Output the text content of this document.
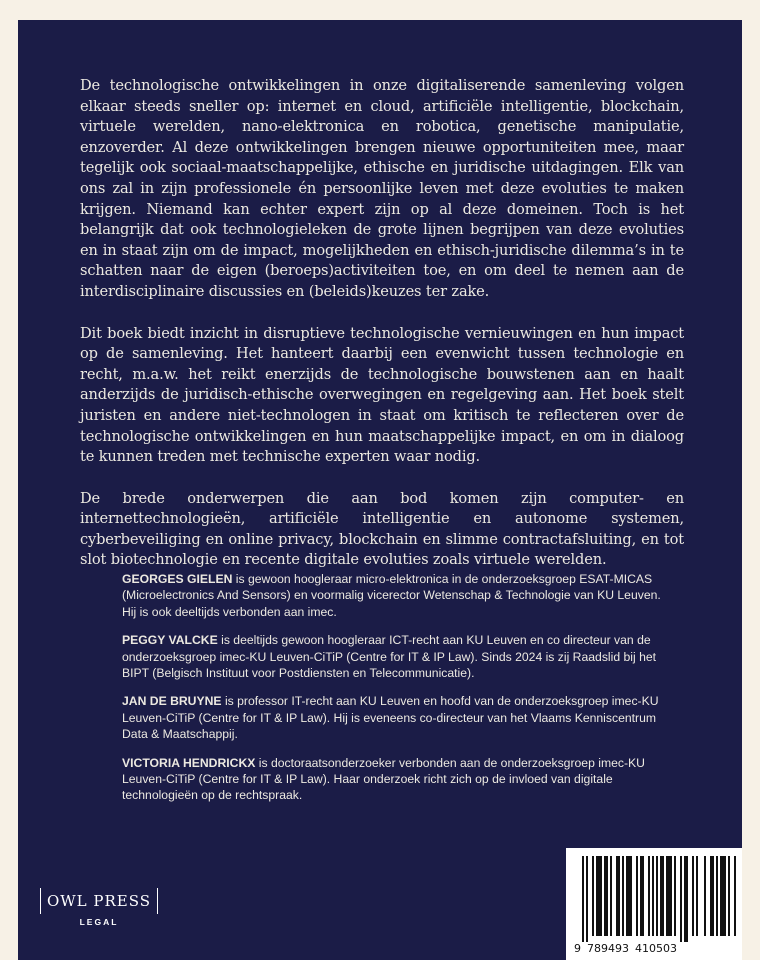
De technologische ontwikkelingen in onze digitaliserende samenleving volgen elkaar steeds sneller op: internet en cloud, artificiële intelligentie, blockchain, virtuele werelden, nano-elektronica en robotica, genetische manipulatie, enzoverder. Al deze ontwikkelingen brengen nieuwe opportuniteiten mee, maar tegelijk ook sociaal-maatschappelijke, ethische en juridische uitdagingen. Elk van ons zal in zijn professionele én persoonlijke leven met deze evoluties te maken krijgen. Niemand kan echter expert zijn op al deze domeinen. Toch is het belangrijk dat ook technologieleken de grote lijnen begrijpen van deze evoluties en in staat zijn om de impact, mogelijkheden en ethisch-juridische dilemma’s in te schatten naar de eigen (beroeps)activiteiten toe, en om deel te nemen aan de interdisciplinaire discussies en (beleids)keuzes ter zake.

Dit boek biedt inzicht in disruptieve technologische vernieuwingen en hun impact op de samenleving. Het hanteert daarbij een evenwicht tussen technologie en recht, m.a.w. het reikt enerzijds de technologische bouwstenen aan en haalt anderzijds de juridisch-ethische overwegingen en regelgeving aan. Het boek stelt juristen en andere niet-technologen in staat om kritisch te reflecteren over de technologische ontwikkelingen en hun maatschappelijke impact, en om in dialoog te kunnen treden met technische experten waar nodig.

De brede onderwerpen die aan bod komen zijn computer- en internettechnologieën, artificiële intelligentie en autonome systemen, cyberbeveiliging en online privacy, blockchain en slimme contractafsluiting, en tot slot biotechnologie en recente digitale evoluties zoals virtuele werelden.

GEORGES GIELEN is gewoon hoogleraar micro-elektronica in de onderzoeksgroep ESAT-MICAS (Microelectronics And Sensors) en voormalig vicerector Wetenschap & Technologie van KU Leuven. Hij is ook deeltijds verbonden aan imec.

PEGGY VALCKE is deeltijds gewoon hoogleraar ICT-recht aan KU Leuven en co directeur van de onderzoeksgroep imec-KU Leuven-CiTiP (Centre for IT & IP Law). Sinds 2024 is zij Raadslid bij het BIPT (Belgisch Instituut voor Postdiensten en Telecommunicatie).

JAN DE BRUYNE is professor IT-recht aan KU Leuven en hoofd van de onderzoeksgroep imec-KU Leuven-CiTiP (Centre for IT & IP Law). Hij is eveneens co-directeur van het Vlaams Kenniscentrum Data & Maatschappij.

VICTORIA HENDRICKX is doctoraatsonderzoeker verbonden aan de onderzoeksgroep imec-KU Leuven-CiTiP (Centre for IT & IP Law). Haar onderzoek richt zich op de invloed van digitale technologieën op de rechtspraak.

OWL PRESS
LEGAL
9 789493 410503
